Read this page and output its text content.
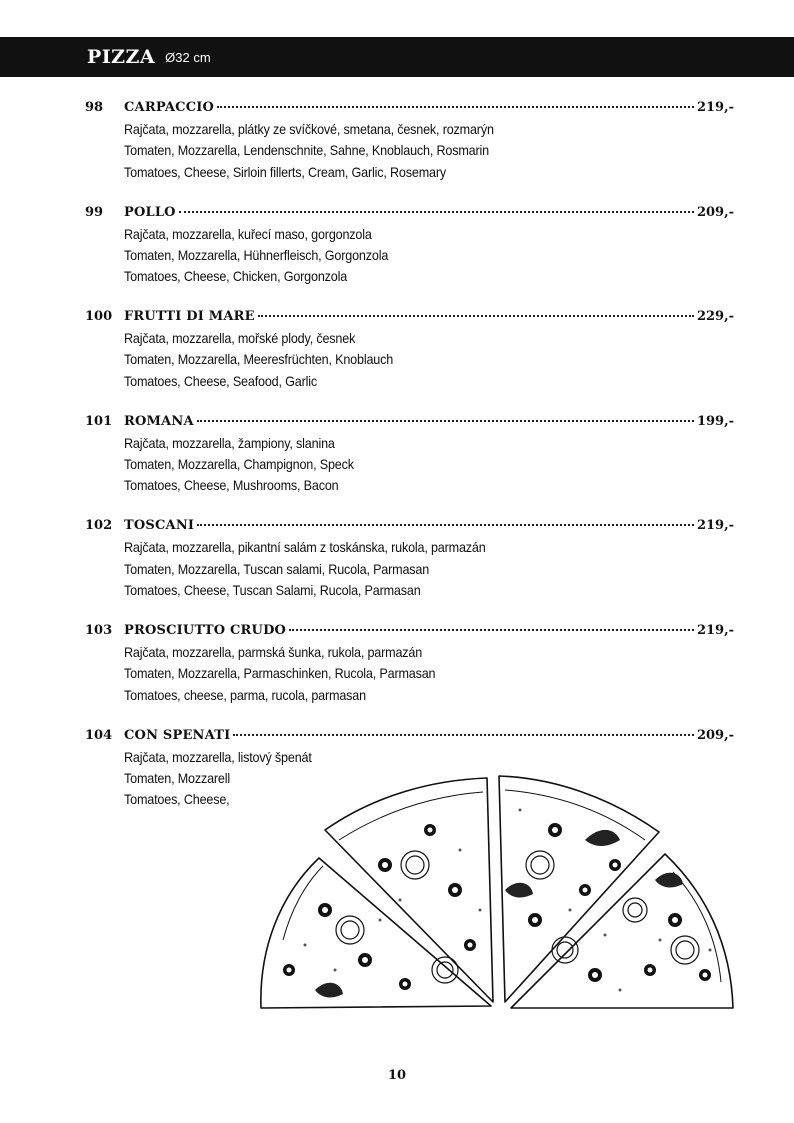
PIZZA Ø32 cm
98	CARPACCIO	219,-
Rajčata, mozzarella, plátky ze svíčkové, smetana, česnek, rozmarýn
Tomaten, Mozzarella, Lendenschnite, Sahne, Knoblauch, Rosmarin
Tomatoes, Cheese, Sirloin fillerts, Cream, Garlic, Rosemary
99	POLLO	209,-
Rajčata, mozzarella, kuřecí maso, gorgonzola
Tomaten, Mozzarella, Hühnerfleisch, Gorgonzola
Tomatoes, Cheese, Chicken, Gorgonzola
100 FRUTTI DI MARE	229,-
Rajčata, mozzarella, mořské plody, česnek
Tomaten, Mozzarella, Meeresfrüchten, Knoblauch
Tomatoes, Cheese, Seafood, Garlic
101 ROMANA	199,-
Rajčata, mozzarella, žampiony, slanina
Tomaten, Mozzarella, Champignon, Speck
Tomatoes, Cheese, Mushrooms, Bacon
102 TOSCANI	219,-
Rajčata, mozzarella, pikantní salám z toskánska, rukola, parmazán
Tomaten, Mozzarella, Tuscan salami, Rucola, Parmasan
Tomatoes, Cheese, Tuscan Salami, Rucola, Parmasan
103 PROSCIUTTO CRUDO	219,-
Rajčata, mozzarella, parmská šunka, rukola, parmazán
Tomaten, Mozzarella, Parmaschinken, Rucola, Parmasan
Tomatoes, cheese, parma, rucola, parmasan
104 CON SPENATI	209,-
Rajčata, mozzarella, listový špenát
Tomaten, Mozzarell
Tomatoes, Cheese,
10
